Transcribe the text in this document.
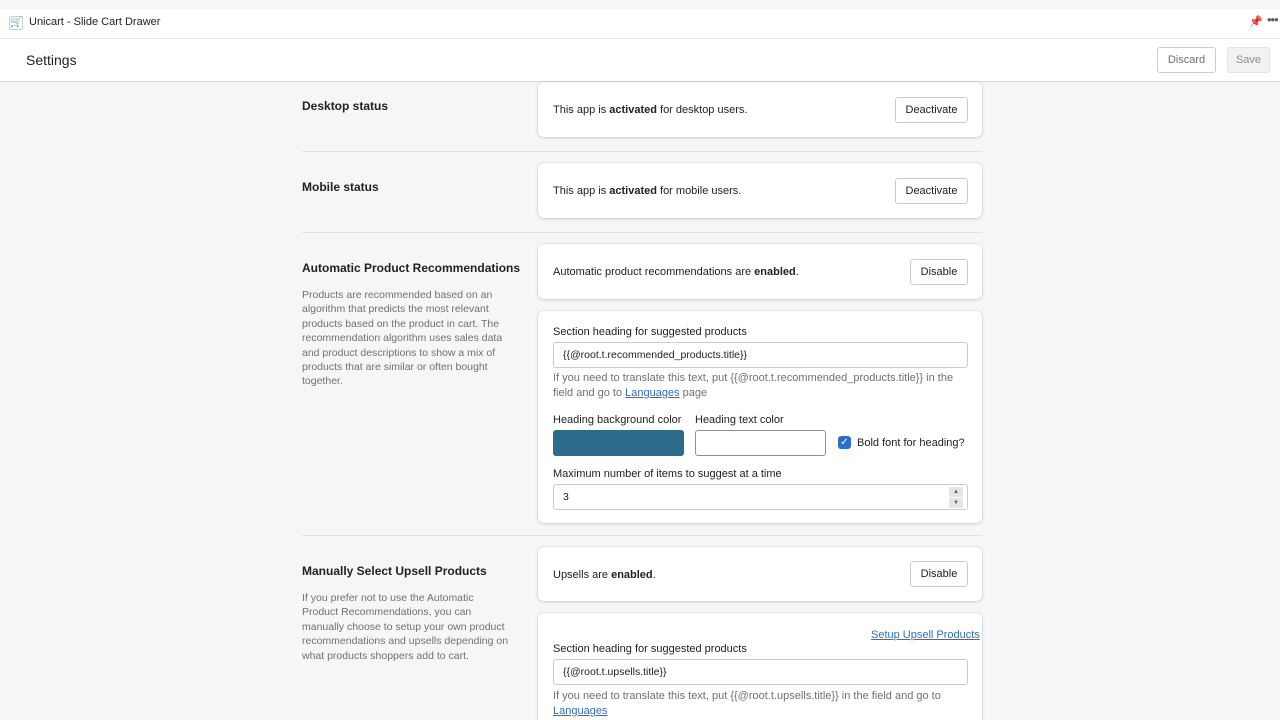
🛒 Unicart - Slide Cart Drawer	📌 •••
Settings	Discard	Save
Desktop status	This app is activated for desktop users.	Deactivate
Mobile status	This app is activated for mobile users.	Deactivate
Automatic Product Recommendations
Products are recommended based on an algorithm that predicts the most relevant products based on the product in cart. The recommendation algorithm uses sales data and product descriptions to show a mix of products that are similar or often bought together.
Automatic product recommendations are enabled.	Disable
Section heading for suggested products
{{@root.t.recommended_products.title}}
If you need to translate this text, put {{@root.t.recommended_products.title}} in the field and go to Languages page
Heading background color Heading text color
✓ Bold font for heading?
Maximum number of items to suggest at a time
3
▲
▼
Manually Select Upsell Products
If you prefer not to use the Automatic Product Recommendations, you can manually choose to setup your own product recommendations and upsells depending on what products shoppers add to cart.
Upsells are enabled.	Disable
Setup Upsell Products
Section heading for suggested products
{{@root.t.upsells.title}}
If you need to translate this text, put {{@root.t.upsells.title}} in the field and go to Languages
